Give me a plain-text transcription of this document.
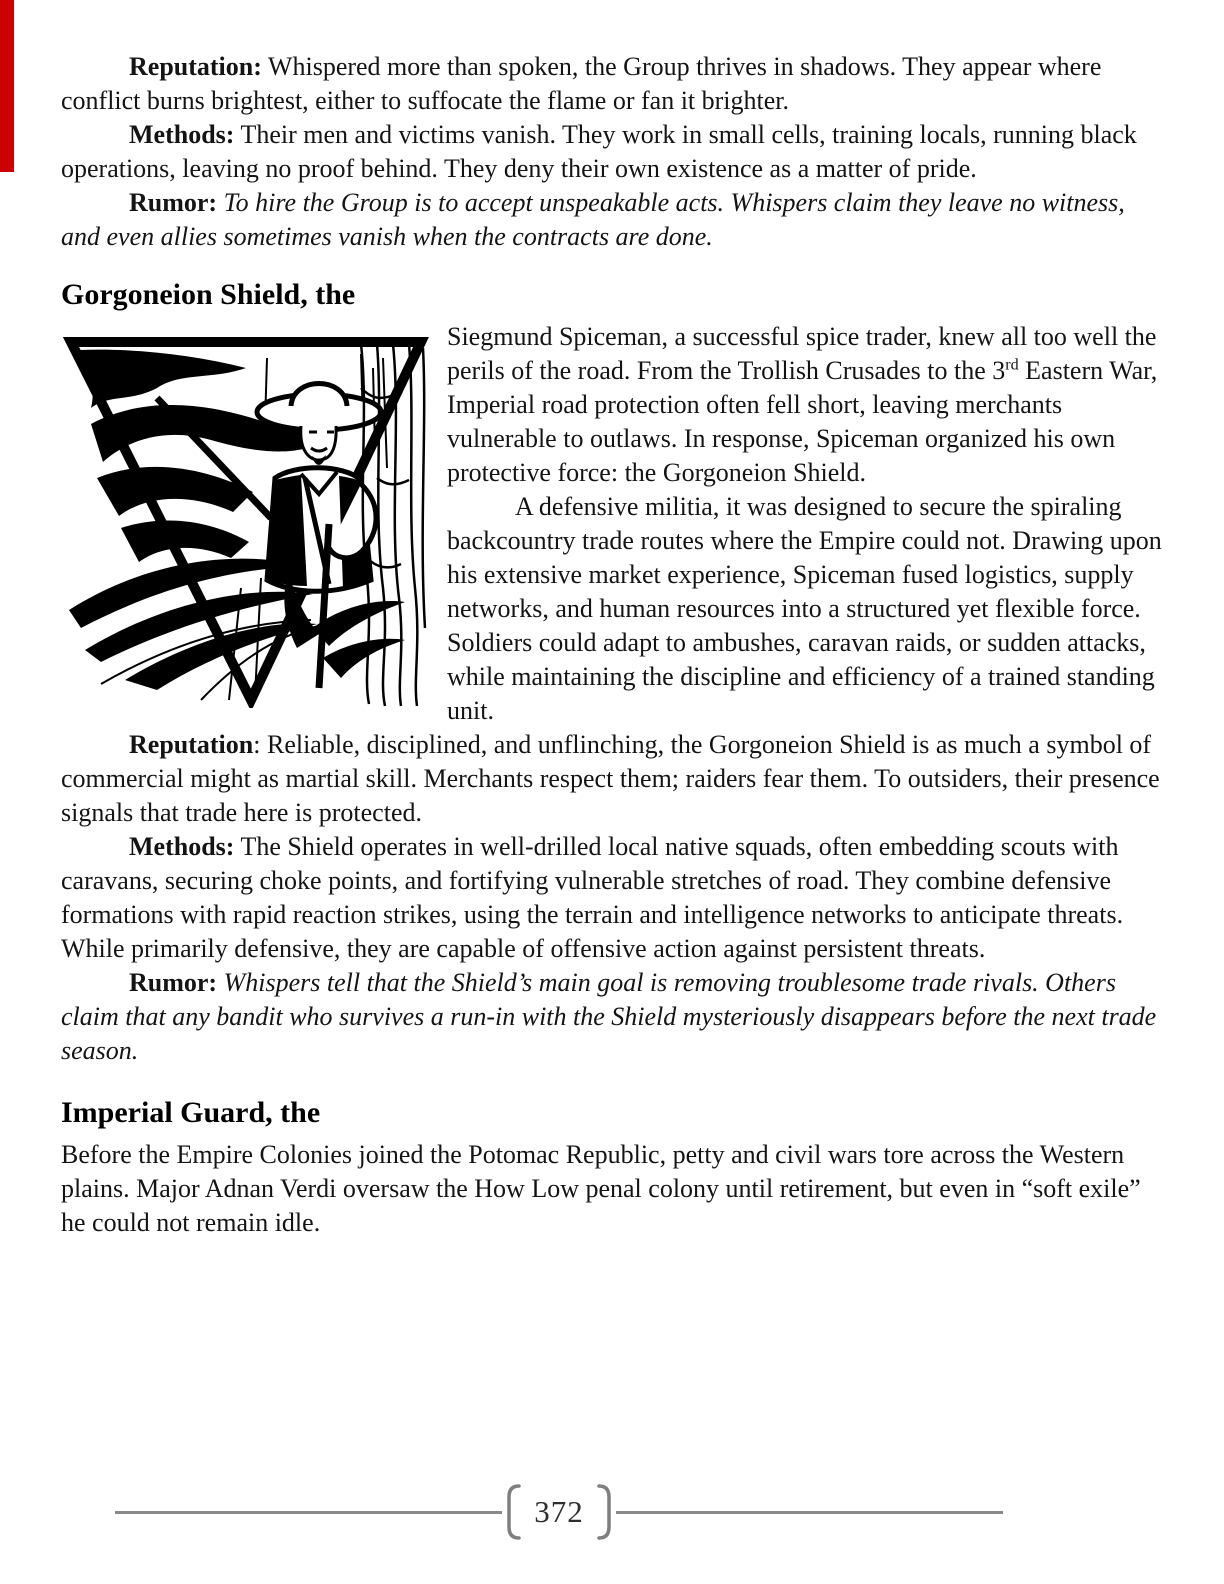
Reputation: Whispered more than spoken, the Group thrives in shadows. They appear where conflict burns brightest, either to suffocate the flame or fan it brighter.

Methods: Their men and victims vanish. They work in small cells, training locals, running black operations, leaving no proof behind. They deny their own existence as a matter of pride.

Rumor: To hire the Group is to accept unspeakable acts. Whispers claim they leave no witness, and even allies sometimes vanish when the contracts are done.

Gorgoneion Shield, the

Siegmund Spiceman, a successful spice trader, knew all too well the perils of the road. From the Trollish Crusades to the 3rd Eastern War, Imperial road protection often fell short, leaving merchants vulnerable to outlaws. In response, Spiceman organized his own protective force: the Gorgoneion Shield.

A defensive militia, it was designed to secure the spiraling backcountry trade routes where the Empire could not. Drawing upon his extensive market experience, Spiceman fused logistics, supply networks, and human resources into a structured yet flexible force. Soldiers could adapt to ambushes, caravan raids, or sudden attacks, while maintaining the discipline and efficiency of a trained standing unit.

Reputation: Reliable, disciplined, and unflinching, the Gorgoneion Shield is as much a symbol of commercial might as martial skill. Merchants respect them; raiders fear them. To outsiders, their presence signals that trade here is protected.

Methods: The Shield operates in well-drilled local native squads, often embedding scouts with caravans, securing choke points, and fortifying vulnerable stretches of road. They combine defensive formations with rapid reaction strikes, using the terrain and intelligence networks to anticipate threats. While primarily defensive, they are capable of offensive action against persistent threats.

Rumor: Whispers tell that the Shield’s main goal is removing troublesome trade rivals. Others claim that any bandit who survives a run-in with the Shield mysteriously disappears before the next trade season.

Imperial Guard, the

Before the Empire Colonies joined the Potomac Republic, petty and civil wars tore across the Western plains. Major Adnan Verdi oversaw the How Low penal colony until retirement, but even in “soft exile” he could not remain idle.

372
